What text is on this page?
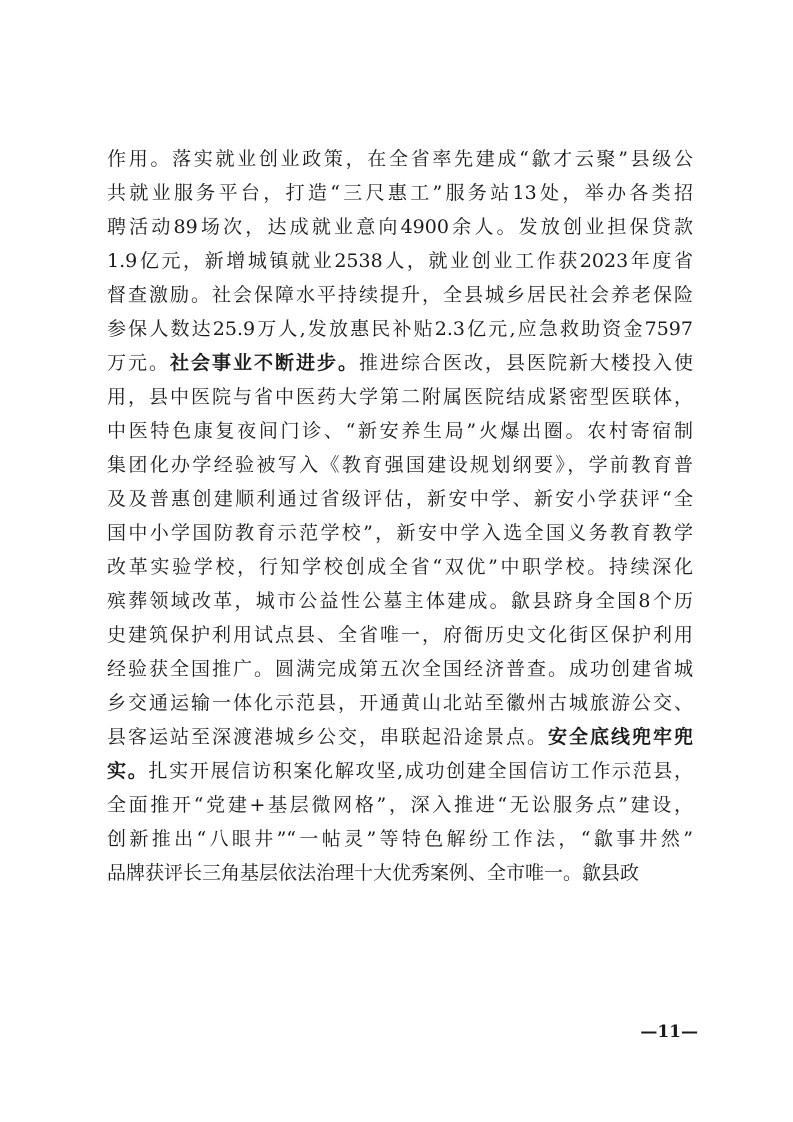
作用。落实就业创业政策，在全省率先建成“歙才云聚”县级公
共就业服务平台，打造“三尺惠工”服务站13处，举办各类招
聘活动89场次，达成就业意向4900余人。发放创业担保贷款
1.9亿元，新增城镇就业2538人，就业创业工作获2023年度省
督查激励。社会保障水平持续提升，全县城乡居民社会养老保险
参保人数达25.9万人,发放惠民补贴2.3亿元,应急救助资金7597
万元。社会事业不断进步。推进综合医改，县医院新大楼投入使
用，县中医院与省中医药大学第二附属医院结成紧密型医联体，
中医特色康复夜间门诊、“新安养生局”火爆出圈。农村寄宿制
集团化办学经验被写入《教育强国建设规划纲要》，学前教育普
及及普惠创建顺利通过省级评估，新安中学、新安小学获评“全
国中小学国防教育示范学校”，新安中学入选全国义务教育教学
改革实验学校，行知学校创成全省“双优”中职学校。持续深化
殡葬领域改革，城市公益性公墓主体建成。歙县跻身全国8个历
史建筑保护利用试点县、全省唯一，府衙历史文化街区保护利用
经验获全国推广。圆满完成第五次全国经济普查。成功创建省城
乡交通运输一体化示范县，开通黄山北站至徽州古城旅游公交、
县客运站至深渡港城乡公交，串联起沿途景点。安全底线兜牢兜
实。扎实开展信访积案化解攻坚,成功创建全国信访工作示范县，
全面推开“党建+基层微网格”，深入推进“无讼服务点”建设，
创新推出“八眼井”“一帖灵”等特色解纷工作法，“歙事井然”
品牌获评长三角基层依法治理十大优秀案例、全市唯一。歙县政
—11—
